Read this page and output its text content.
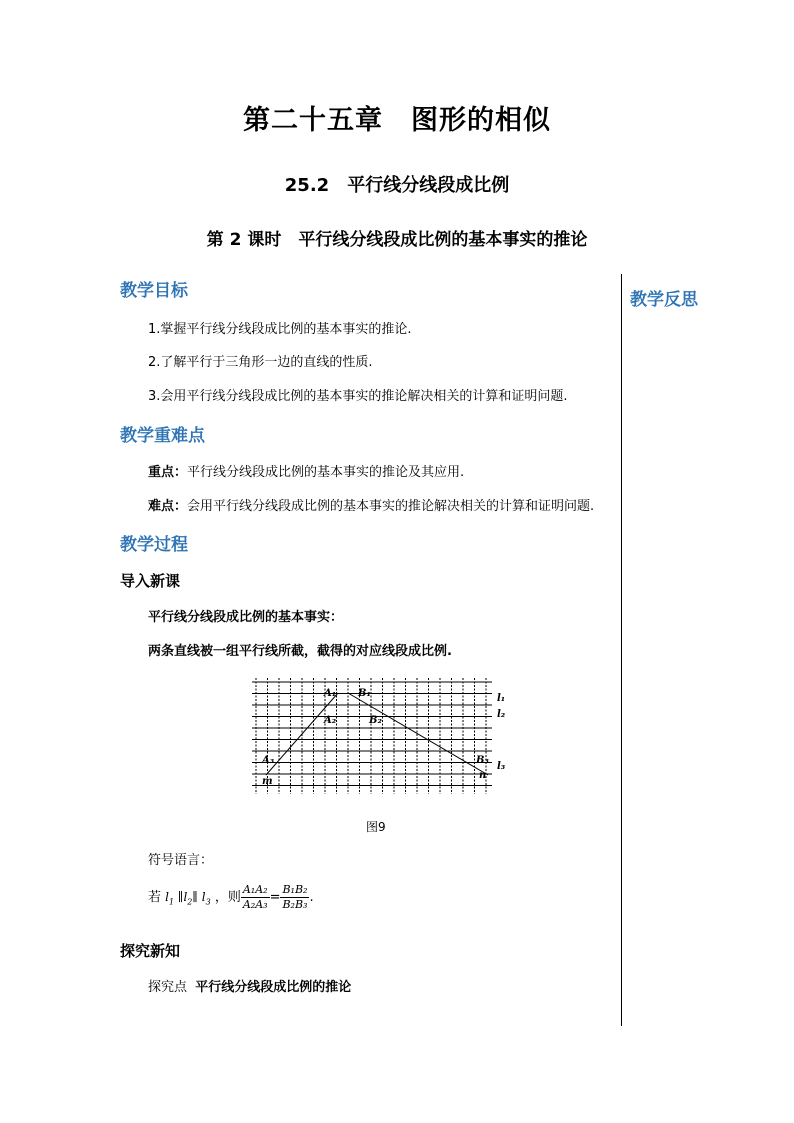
第二十五章　图形的相似
25.2　平行线分线段成比例
第 2 课时　平行线分线段成比例的基本事实的推论
教学反思
教学目标
1.掌握平行线分线段成比例的基本事实的推论.
2.了解平行于三角形一边的直线的性质.
3.会用平行线分线段成比例的基本事实的推论解决相关的计算和证明问题.
教学重难点
重点：平行线分线段成比例的基本事实的推论及其应用.
难点：会用平行线分线段成比例的基本事实的推论解决相关的计算和证明问题.
教学过程
导入新课
平行线分线段成比例的基本事实：
两条直线被一组平行线所截，截得的对应线段成比例.
A₁
A₂
A₃
B₁
B₂
B₃
l₁
l₂
l₃
m
n
图9
符号语言：
若 $l_1$ $\parallel l_2\parallel$ $l_3$ ，则 $\frac{\text{A₁A₂}}{\text{A₂A₃}} = \frac{\text{B₁B₂}}{\text{B₂B₃}}$ .
探究新知
探究点 平行线分线段成比例的推论
